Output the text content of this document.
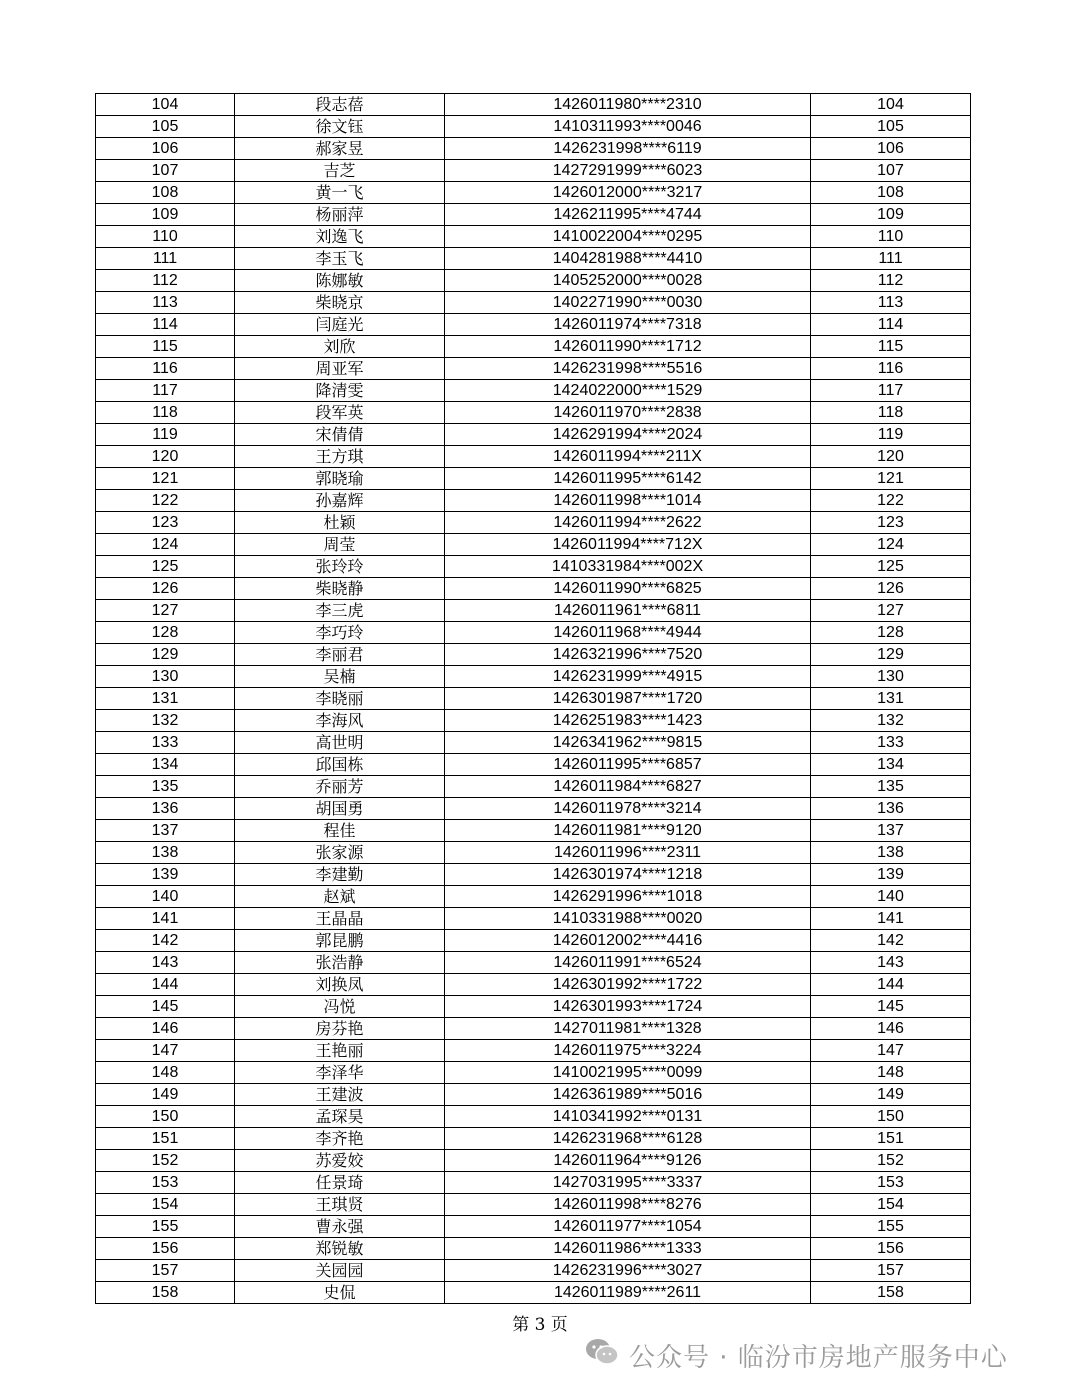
104	段志蓓	1426011980****2310	104
105	徐文钰	1410311993****0046	105
106	郝家昱	1426231998****6119	106
107	吉芝	1427291999****6023	107
108	黄一飞	1426012000****3217	108
109	杨丽萍	1426211995****4744	109
110	刘逸飞	1410022004****0295	110
111	李玉飞	1404281988****4410	111
112	陈娜敏	1405252000****0028	112
113	柴晓京	1402271990****0030	113
114	闫庭光	1426011974****7318	114
115	刘欣	1426011990****1712	115
116	周亚军	1426231998****5516	116
117	降清雯	1424022000****1529	117
118	段军英	1426011970****2838	118
119	宋倩倩	1426291994****2024	119
120	王方琪	1426011994****211X	120
121	郭晓瑜	1426011995****6142	121
122	孙嘉辉	1426011998****1014	122
123	杜颖	1426011994****2622	123
124	周莹	1426011994****712X	124
125	张玲玲	1410331984****002X	125
126	柴晓静	1426011990****6825	126
127	李三虎	1426011961****6811	127
128	李巧玲	1426011968****4944	128
129	李丽君	1426321996****7520	129
130	吴楠	1426231999****4915	130
131	李晓丽	1426301987****1720	131
132	李海风	1426251983****1423	132
133	高世明	1426341962****9815	133
134	邱国栋	1426011995****6857	134
135	乔丽芳	1426011984****6827	135
136	胡国勇	1426011978****3214	136
137	程佳	1426011981****9120	137
138	张家源	1426011996****2311	138
139	李建勤	1426301974****1218	139
140	赵斌	1426291996****1018	140
141	王晶晶	1410331988****0020	141
142	郭昆鹏	1426012002****4416	142
143	张浩静	1426011991****6524	143
144	刘换凤	1426301992****1722	144
145	冯悦	1426301993****1724	145
146	房芬艳	1427011981****1328	146
147	王艳丽	1426011975****3224	147
148	李泽华	1410021995****0099	148
149	王建波	1426361989****5016	149
150	孟琛昊	1410341992****0131	150
151	李齐艳	1426231968****6128	151
152	苏爱姣	1426011964****9126	152
153	任景琦	1427031995****3337	153
154	王琪贤	1426011998****8276	154
155	曹永强	1426011977****1054	155
156	郑锐敏	1426011986****1333	156
157	关园园	1426231996****3027	157
158	史侃	1426011989****2611	158
第 3 页
公众号 · 临汾市房地产服务中心
